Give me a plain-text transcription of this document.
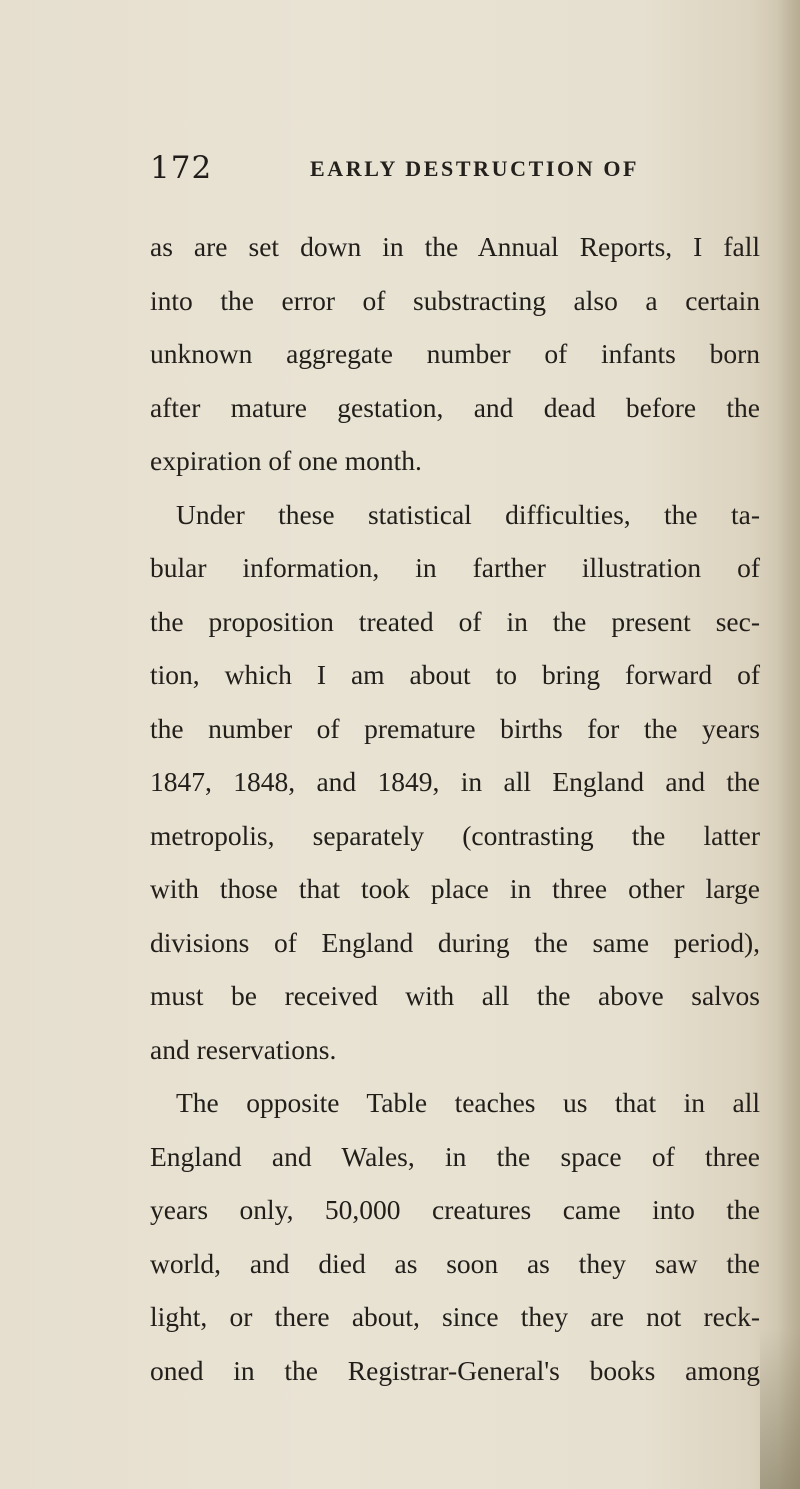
172	EARLY DESTRUCTION OF
as are set down in the Annual Reports, I fall
into the error of substracting also a certain
unknown aggregate number of infants born
after mature gestation, and dead before the
expiration of one month.
Under these statistical difficulties, the ta-
bular information, in farther illustration of
the proposition treated of in the present sec-
tion, which I am about to bring forward of
the number of premature births for the years
1847, 1848, and 1849, in all England and the
metropolis, separately (contrasting the latter
with those that took place in three other large
divisions of England during the same period),
must be received with all the above salvos
and reservations.
The opposite Table teaches us that in all
England and Wales, in the space of three
years only, 50,000 creatures came into the
world, and died as soon as they saw the
light, or there about, since they are not reck-
oned in the Registrar-General's books among
